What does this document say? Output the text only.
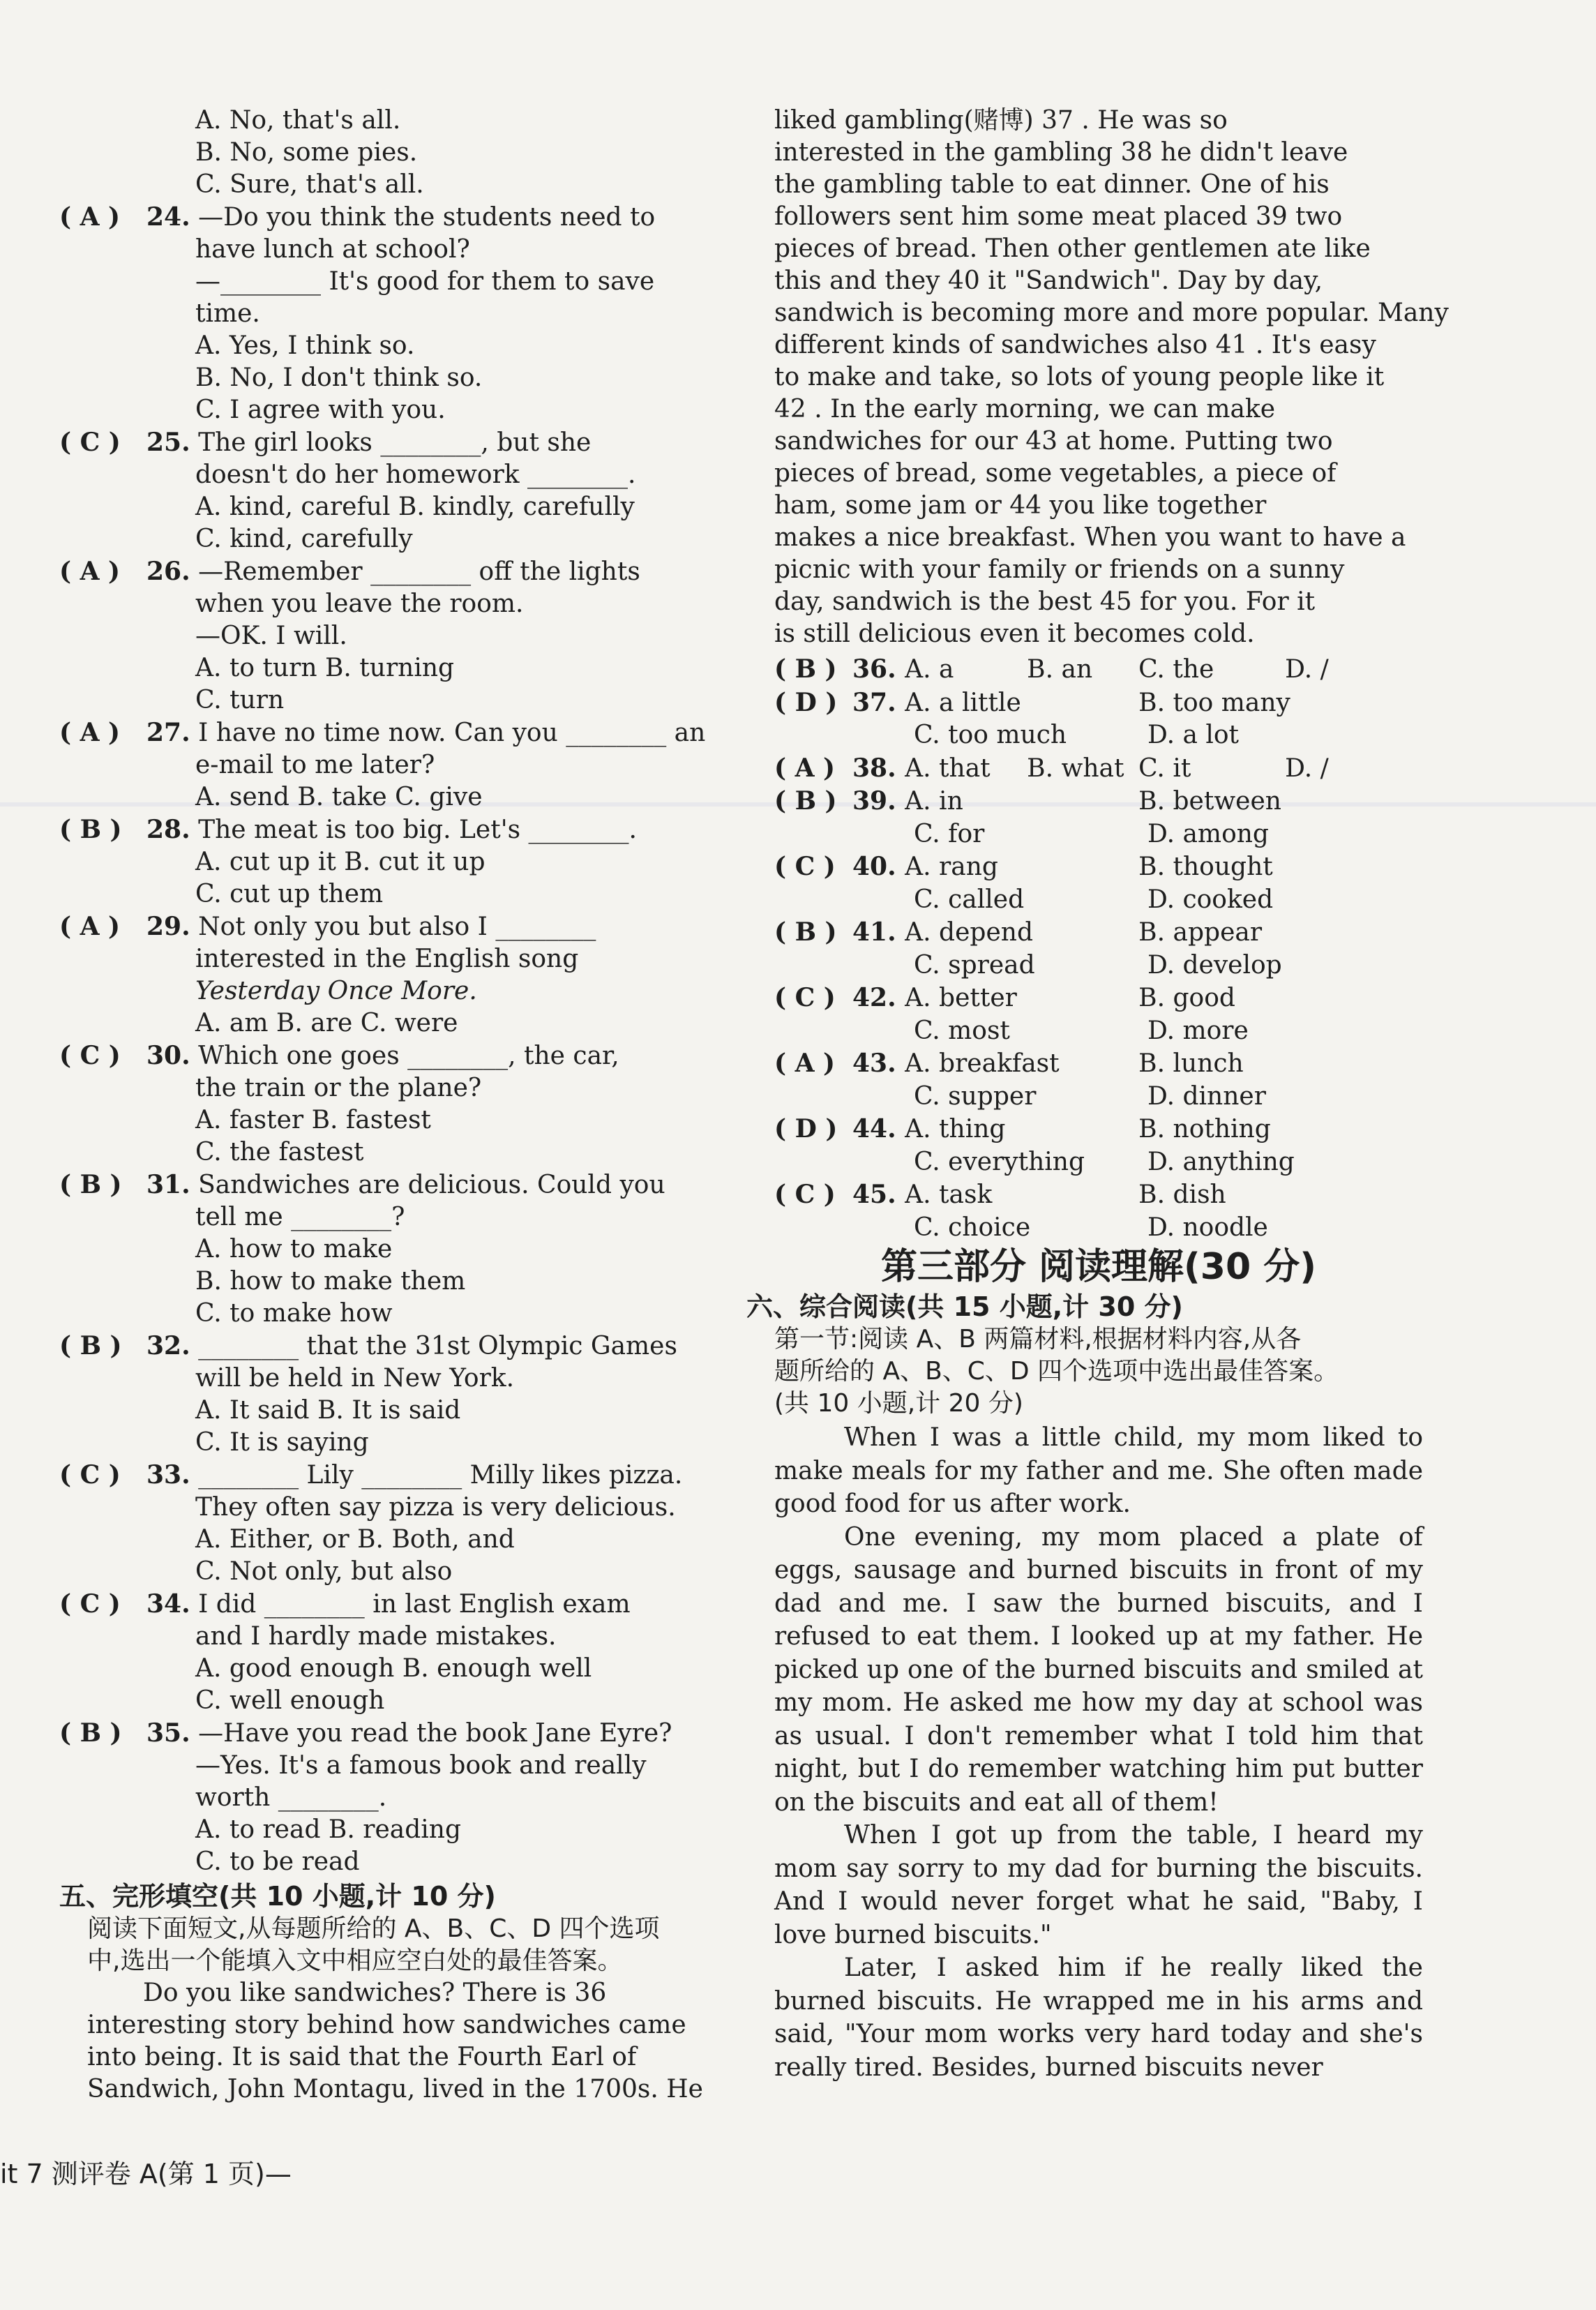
A. No, that's all.
B. No, some pies.
C. Sure, that's all.
( A ) 24. —Do you think the students need to
have lunch at school?
—________ It's good for them to save
time.
A. Yes, I think so.
B. No, I don't think so.
C. I agree with you.
( C ) 25. The girl looks ________, but she
doesn't do her homework ________.
A. kind, careful B. kindly, carefully
C. kind, carefully
( A ) 26. —Remember ________ off the lights
when you leave the room.
—OK. I will.
A. to turn B. turning
C. turn
( A ) 27. I have no time now. Can you ________ an
e-mail to me later?
A. send B. take C. give
( B ) 28. The meat is too big. Let's ________.
A. cut up it B. cut it up
C. cut up them
( A ) 29. Not only you but also I ________
interested in the English song
Yesterday Once More.
A. am B. are C. were
( C ) 30. Which one goes ________, the car,
the train or the plane?
A. faster B. fastest
C. the fastest
( B ) 31. Sandwiches are delicious. Could you
tell me ________?
A. how to make
B. how to make them
C. to make how
( B ) 32. ________ that the 31st Olympic Games
will be held in New York.
A. It said B. It is said
C. It is saying
( C ) 33. ________ Lily ________ Milly likes pizza.
They often say pizza is very delicious.
A. Either, or B. Both, and
C. Not only, but also
( C ) 34. I did ________ in last English exam
and I hardly made mistakes.
A. good enough B. enough well
C. well enough
( B ) 35. —Have you read the book Jane Eyre?
—Yes. It's a famous book and really
worth ________.
A. to read B. reading
C. to be read
五、完形填空(共 10 小题,计 10 分)
阅读下面短文,从每题所给的 A、B、C、D 四个选项
中,选出一个能填入文中相应空白处的最佳答案。
Do you like sandwiches? There is 36
interesting story behind how sandwiches came
into being. It is said that the Fourth Earl of
Sandwich, John Montagu, lived in the 1700s. He
liked gambling(赌博) 37 . He was so
interested in the gambling 38 he didn't leave
the gambling table to eat dinner. One of his
followers sent him some meat placed 39 two
pieces of bread. Then other gentlemen ate like
this and they 40 it "Sandwich". Day by day,
sandwich is becoming more and more popular. Many
different kinds of sandwiches also 41 . It's easy
to make and take, so lots of young people like it
42 . In the early morning, we can make
sandwiches for our 43 at home. Putting two
pieces of bread, some vegetables, a piece of
ham, some jam or 44 you like together
makes a nice breakfast. When you want to have a
picnic with your family or friends on a sunny
day, sandwich is the best 45 for you. For it
is still delicious even it becomes cold.
( B ) 36. A. a	B. an C. the	D. /
( D ) 37. A. a little	B. too many
C. too much	D. a lot
( A ) 38. A. that B. what C. it	D. /
( B ) 39. A. in	B. between
C. for	D. among
( C ) 40. A. rang	B. thought
C. called	D. cooked
( B ) 41. A. depend	B. appear
C. spread	D. develop
( C ) 42. A. better	B. good
C. most	D. more
( A ) 43. A. breakfast	B. lunch
C. supper	D. dinner
( D ) 44. A. thing	B. nothing
C. everything D. anything
( C ) 45. A. task	B. dish
C. choice	D. noodle
第三部分 阅读理解(30 分)
六、综合阅读(共 15 小题,计 30 分)
第一节:阅读 A、B 两篇材料,根据材料内容,从各
题所给的 A、B、C、D 四个选项中选出最佳答案。
(共 10 小题,计 20 分)
When I was a little child, my mom liked to make meals for my father and me. She often made good food for us after work.
One evening, my mom placed a plate of eggs, sausage and burned biscuits in front of my dad and me. I saw the burned biscuits, and I refused to eat them. I looked up at my father. He picked up one of the burned biscuits and smiled at my mom. He asked me how my day at school was as usual. I don't remember what I told him that night, but I do remember watching him put butter on the biscuits and eat all of them!
When I got up from the table, I heard my mom say sorry to my dad for burning the biscuits. And I would never forget what he said, "Baby, I love burned biscuits."
Later, I asked him if he really liked the burned biscuits. He wrapped me in his arms and said, "Your mom works very hard today and she's really tired. Besides, burned biscuits never
it 7 测评卷 A(第 1 页)—
